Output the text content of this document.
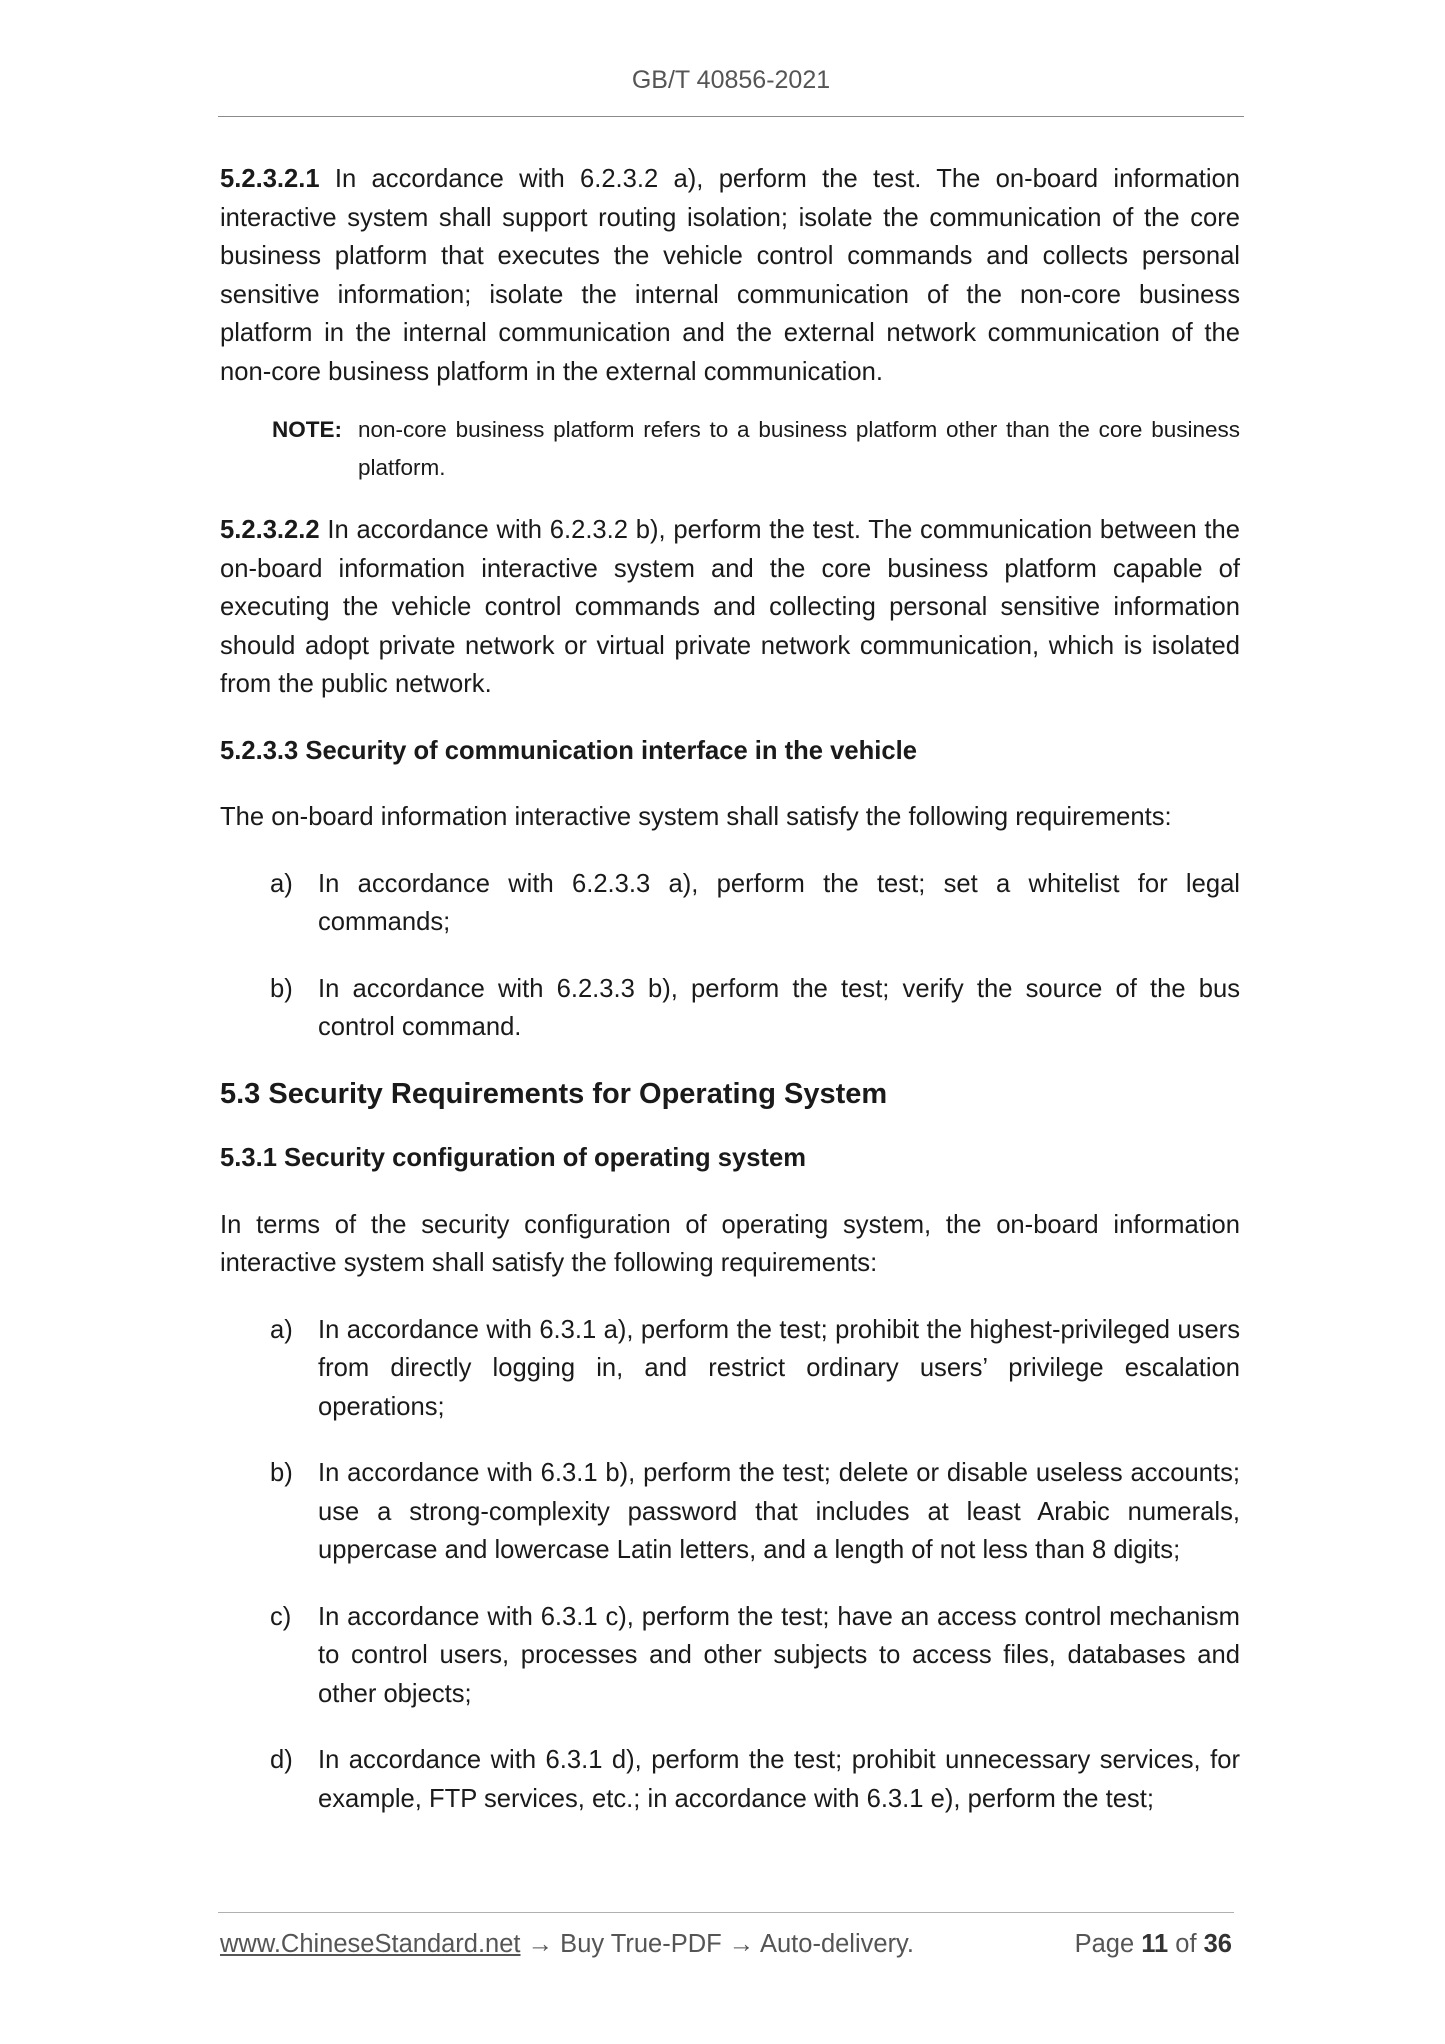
GB/T 40856-2021

5.2.3.2.1 In accordance with 6.2.3.2 a), perform the test. The on-board information interactive system shall support routing isolation; isolate the communication of the core business platform that executes the vehicle control commands and collects personal sensitive information; isolate the internal communication of the non-core business platform in the internal communication and the external network communication of the non-core business platform in the external communication.

NOTE: non-core business platform refers to a business platform other than the core business platform.

5.2.3.2.2 In accordance with 6.2.3.2 b), perform the test. The communication between the on-board information interactive system and the core business platform capable of executing the vehicle control commands and collecting personal sensitive information should adopt private network or virtual private network communication, which is isolated from the public network.

5.2.3.3 Security of communication interface in the vehicle

The on-board information interactive system shall satisfy the following requirements:

a) In accordance with 6.2.3.3 a), perform the test; set a whitelist for legal commands;
b) In accordance with 6.2.3.3 b), perform the test; verify the source of the bus control command.
5.3 Security Requirements for Operating System
5.3.1 Security configuration of operating system

In terms of the security configuration of operating system, the on-board information interactive system shall satisfy the following requirements:

a) In accordance with 6.3.1 a), perform the test; prohibit the highest-privileged users from directly logging in, and restrict ordinary users’ privilege escalation operations;
b) In accordance with 6.3.1 b), perform the test; delete or disable useless accounts; use a strong-complexity password that includes at least Arabic numerals, uppercase and lowercase Latin letters, and a length of not less than 8 digits;
c)	In accordance with 6.3.1 c), perform the test; have an access control mechanism to control users, processes and other subjects to access files, databases and other objects;
d) In accordance with 6.3.1 d), perform the test; prohibit unnecessary services, for example, FTP services, etc.; in accordance with 6.3.1 e), perform the test;
www.ChineseStandard.net → Buy True-PDF → Auto-delivery.	Page 11 of 36
